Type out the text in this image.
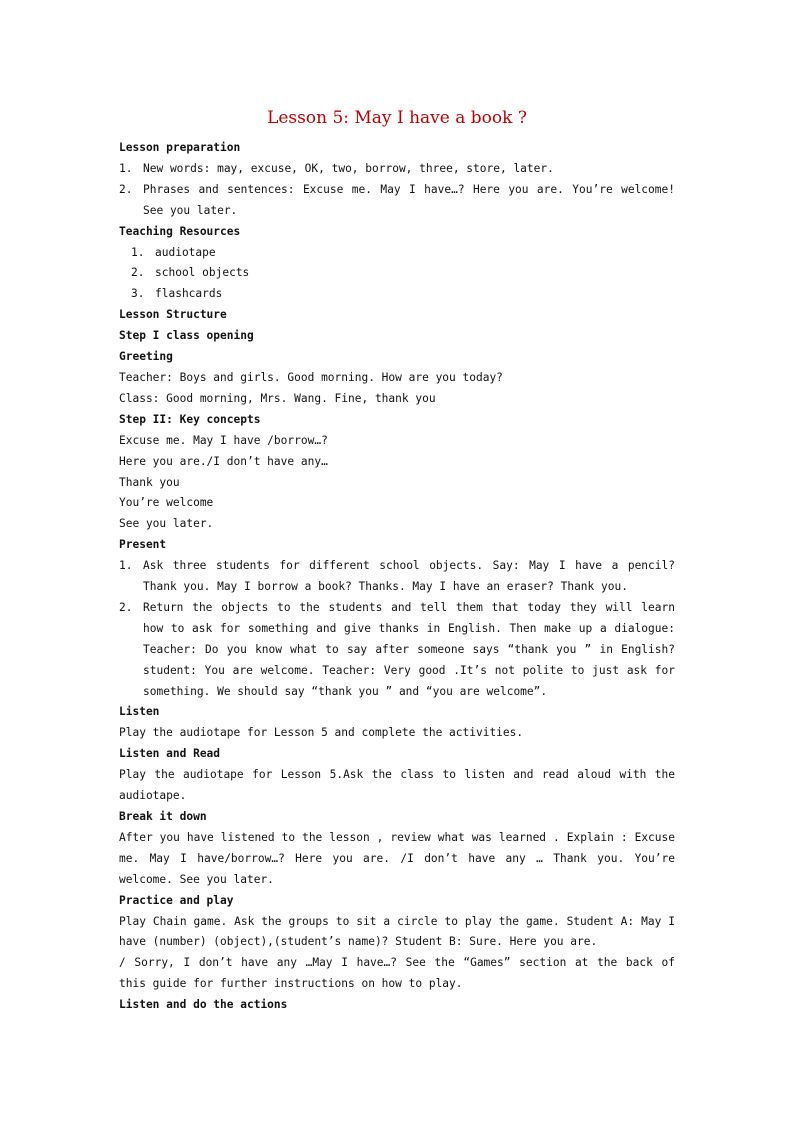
Lesson 5: May I have a book ?

Lesson preparation

1. New words: may, excuse, OK, two, borrow, three, store, later.
2. Phrases and sentences: Excuse me. May I have…? Here you are. You’re welcome! See you later.

Teaching Resources

1. audiotape
2. school objects
3. flashcards

Lesson Structure

Step I class opening

Greeting

Teacher: Boys and girls. Good morning. How are you today?

Class: Good morning, Mrs. Wang. Fine, thank you

Step II: Key concepts

Excuse me. May I have /borrow…?

Here you are./I don’t have any…

Thank you

You’re welcome

See you later.

Present

1. Ask three students for different school objects. Say: May I have a pencil? Thank you. May I borrow a book? Thanks. May I have an eraser? Thank you.
2. Return the objects to the students and tell them that today they will learn how to ask for something and give thanks in English. Then make up a dialogue: Teacher: Do you know what to say after someone says “thank you ” in English? student: You are welcome. Teacher: Very good .It’s not polite to just ask for something. We should say “thank you ” and “you are welcome”.

Listen

Play the audiotape for Lesson 5 and complete the activities.

Listen and Read

Play the audiotape for Lesson 5.Ask the class to listen and read aloud with the audiotape.

Break it down

After you have listened to the lesson , review what was learned . Explain : Excuse me. May I have/borrow…? Here you are. /I don’t have any … Thank you. You’re welcome. See you later.

Practice and play

Play Chain game. Ask the groups to sit a circle to play the game. Student A: May I have (number) (object),(student’s name)? Student B: Sure. Here you are.

/ Sorry, I don’t have any …May I have…? See the “Games” section at the back of this guide for further instructions on how to play.

Listen and do the actions
